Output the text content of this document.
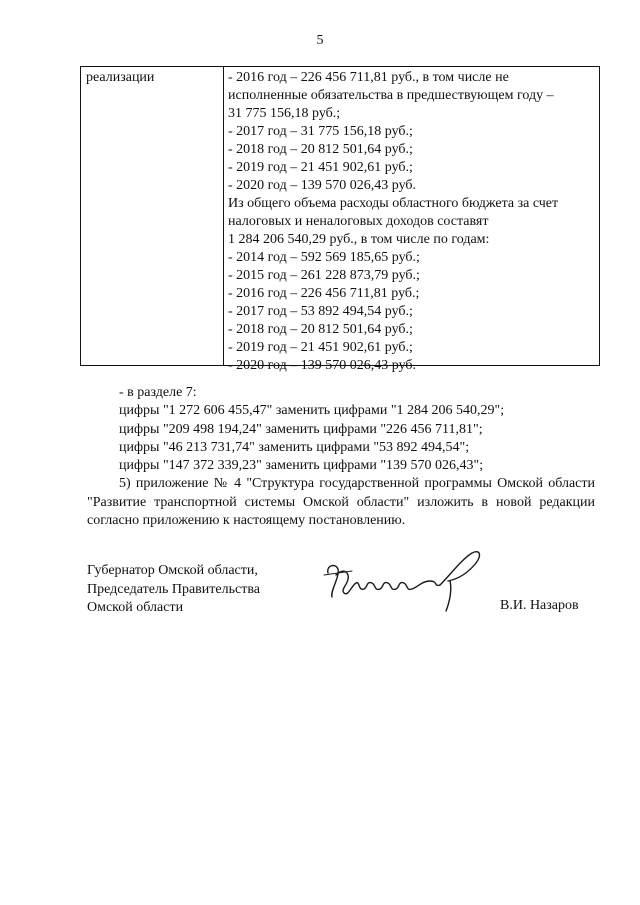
5
реализации	- 2016 год – 226 456 711,81 руб., в том числе не
исполненные обязательства в предшествующем году –
31 775 156,18 руб.;
- 2017 год – 31 775 156,18 руб.;
- 2018 год – 20 812 501,64 руб.;
- 2019 год – 21 451 902,61 руб.;
- 2020 год – 139 570 026,43 руб.
Из общего объема расходы областного бюджета за счет
налоговых и неналоговых доходов составят
1 284 206 540,29 руб., в том числе по годам:
- 2014 год – 592 569 185,65 руб.;
- 2015 год – 261 228 873,79 руб.;
- 2016 год – 226 456 711,81 руб.;
- 2017 год – 53 892 494,54 руб.;
- 2018 год – 20 812 501,64 руб.;
- 2019 год – 21 451 902,61 руб.;
- 2020 год – 139 570 026,43 руб.
- в разделе 7:
цифры "1 272 606 455,47" заменить цифрами "1 284 206 540,29";
цифры "209 498 194,24" заменить цифрами "226 456 711,81";
цифры "46 213 731,74" заменить цифрами "53 892 494,54";
цифры "147 372 339,23" заменить цифрами "139 570 026,43";
5) приложение № 4 "Структура государственной программы Омской области "Развитие транспортной системы Омской области" изложить в новой редакции согласно приложению к настоящему постановлению.
Губернатор Омской области,
Председатель Правительства
Омской области	В.И. Назаров
